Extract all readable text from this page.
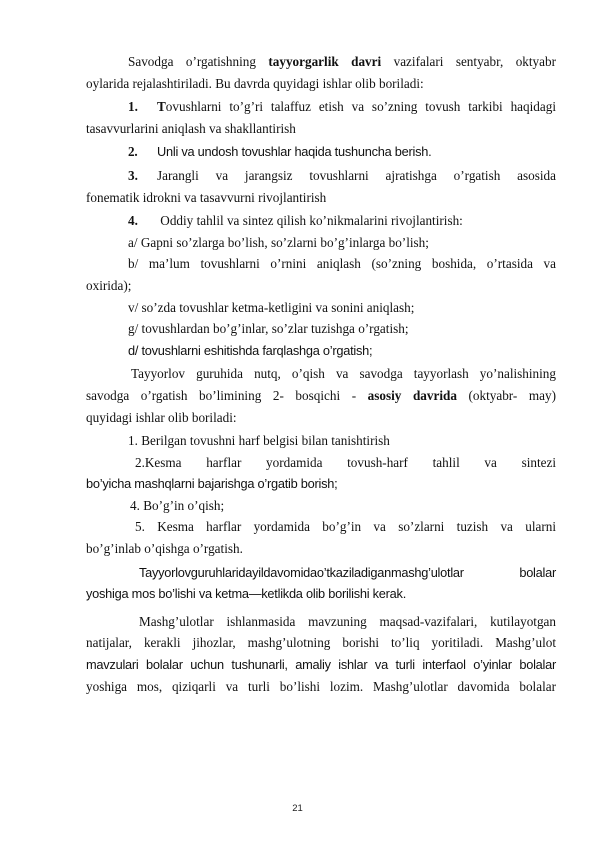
Savodga o’rgatishning tayyorgarlik davri vazifalari sentyabr, oktyabr

oylarida rejalashtiriladi. Bu davrda quyidagi ishlar olib boriladi:

1. Tovushlarni to’g’ri talaffuz etish va so’zning tovush tarkibi haqidagi

tasavvurlarini aniqlash va shakllantirish

2. Unli va undosh tovushlar haqida tushuncha berish.

3. Jarangli va jarangsiz tovushlarni ajratishga o’rgatish asosida

fonematik idrokni va tasavvurni rivojlantirish

4. Oddiy tahlil va sintez qilish ko’nikmalarini rivojlantirish:

a/ Gapni so’zlarga bo’lish, so’zlarni bo’g’inlarga bo’lish;

b/ ma’lum tovushlarni o’rnini aniqlash (so’zning boshida, o’rtasida va

oxirida);

v/ so’zda tovushlar ketma-ketligini va sonini aniqlash;

g/ tovushlardan bo’g’inlar, so’zlar tuzishga o’rgatish;

d/ tovushlarni eshitishda farqlashga o’rgatish;

Tayyorlov guruhida nutq, o’qish va savodga tayyorlash yo’nalishining

savodga o’rgatish bo’limining 2- bosqichi - asosiy davrida (oktyabr- may)

quyidagi ishlar olib boriladi:

1. Berilgan tovushni harf belgisi bilan tanishtirish

2.Kesma harflar yordamida tovush-harf tahlil va sintezi

bo’yicha mashqlarni bajarishga o’rgatib borish;

4. Bo’g’in o’qish;

5. Kesma harflar yordamida bo’g’in va so’zlarni tuzish va ularni

bo’g’inlab o’qishga o’rgatish.

Tayyorlovguruhlaridayildavomidao’tkaziladiganmashg’ulotlar bolalar

yoshiga mos bo’lishi va ketma—ketlikda olib borilishi kerak.

Mashg’ulotlar ishlanmasida mavzuning maqsad-vazifalari, kutilayotgan

natijalar, kerakli jihozlar, mashg’ulotning borishi to’liq yoritiladi. Mashg’ulot

mavzulari bolalar uchun tushunarli, amaliy ishlar va turli interfaol o’yinlar bolalar

yoshiga mos, qiziqarli va turli bo’lishi lozim. Mashg’ulotlar davomida bolalar

21
